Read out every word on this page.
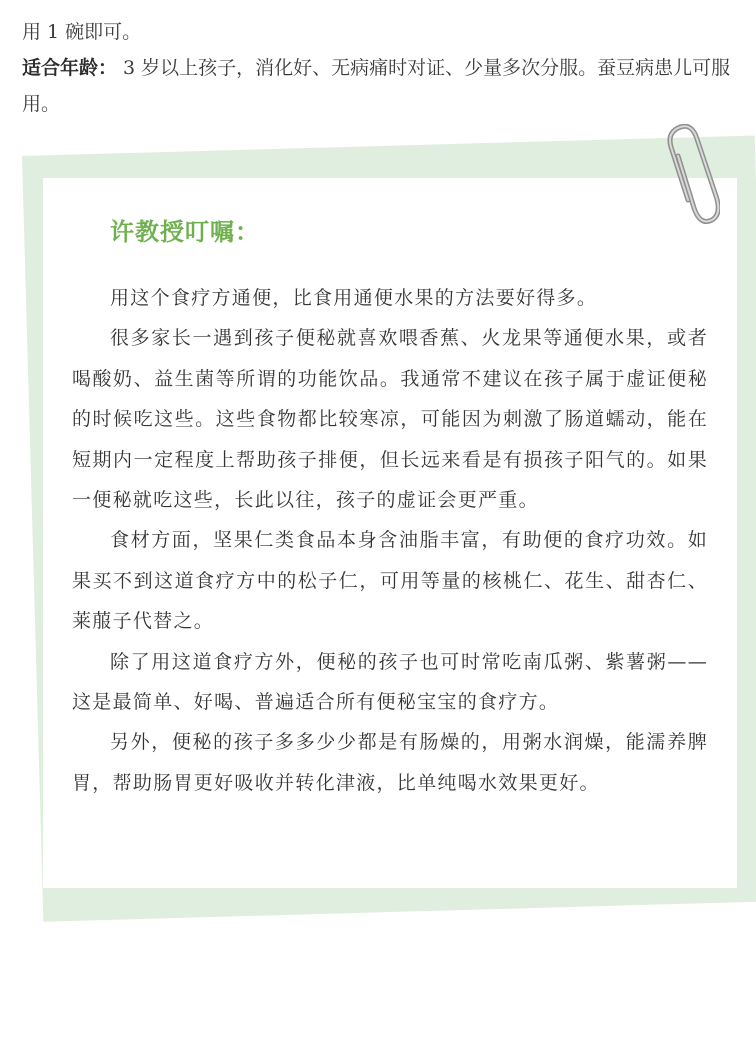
用 1 碗即可。

适合年龄： 3 岁以上孩子，消化好、无病痛时对证、少量多次分服。蚕豆病患儿可服用。

许教授叮嘱：

用这个食疗方通便，比食用通便水果的方法要好得多。

很多家长一遇到孩子便秘就喜欢喂香蕉、火龙果等通便水果，或者喝酸奶、益生菌等所谓的功能饮品。我通常不建议在孩子属于虚证便秘的时候吃这些。这些食物都比较寒凉，可能因为刺激了肠道蠕动，能在短期内一定程度上帮助孩子排便，但长远来看是有损孩子阳气的。如果一便秘就吃这些，长此以往，孩子的虚证会更严重。

食材方面，坚果仁类食品本身含油脂丰富，有助便的食疗功效。如果买不到这道食疗方中的松子仁，可用等量的核桃仁、花生、甜杏仁、莱菔子代替之。

除了用这道食疗方外，便秘的孩子也可时常吃南瓜粥、紫薯粥——这是最简单、好喝、普遍适合所有便秘宝宝的食疗方。

另外，便秘的孩子多多少少都是有肠燥的，用粥水润燥，能濡养脾胃，帮助肠胃更好吸收并转化津液，比单纯喝水效果更好。
